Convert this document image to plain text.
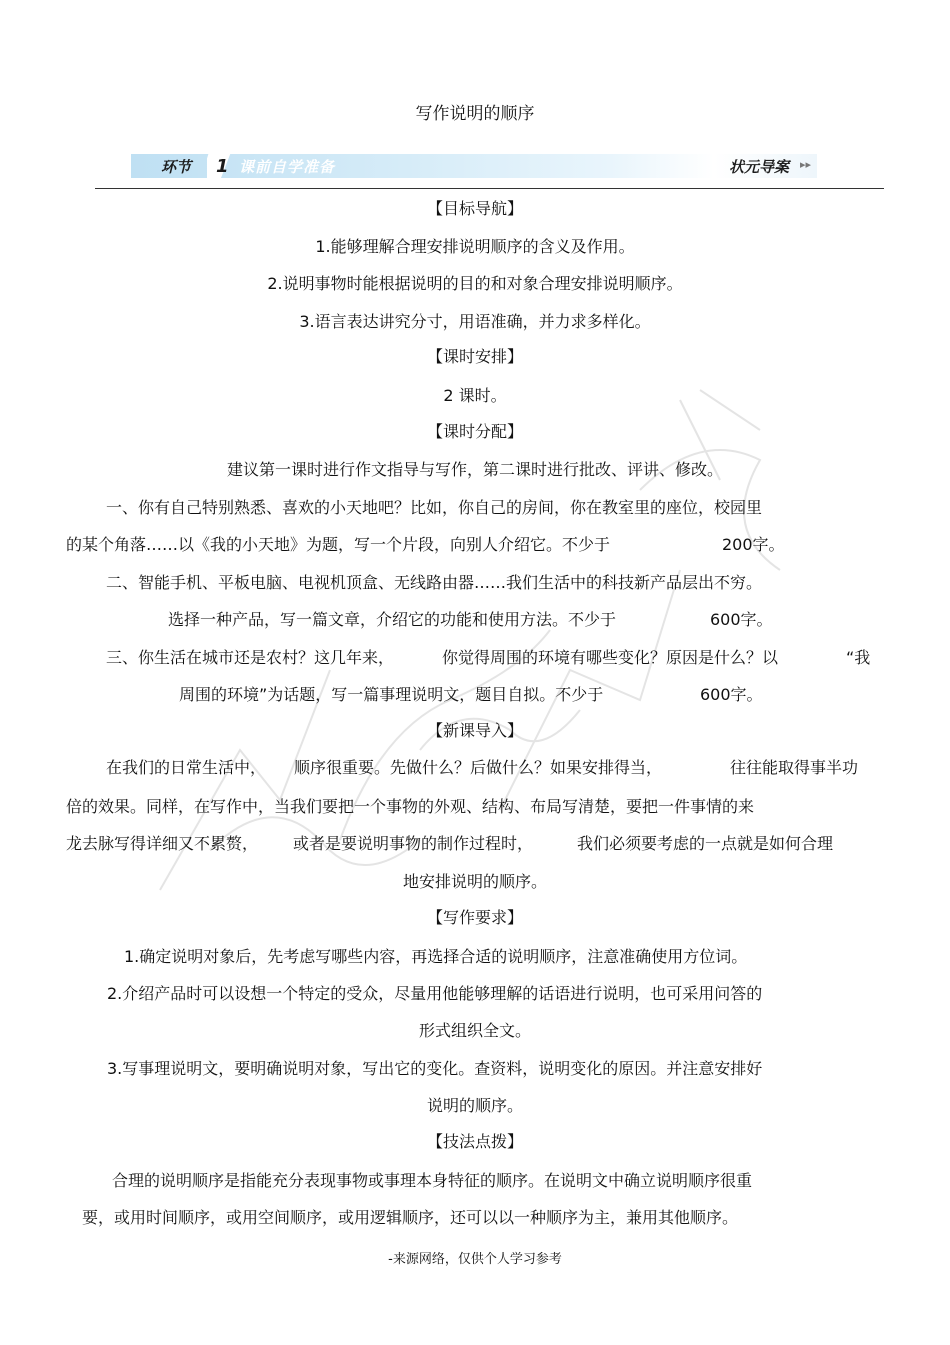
写作说明的顺序
环节 1 课前自学准备	状元导案 ▸▸
【目标导航】
1.能够理解合理安排说明顺序的含义及作用。
2.说明事物时能根据说明的目的和对象合理安排说明顺序。
3.语言表达讲究分寸，用语准确，并力求多样化。
【课时安排】
2 课时。
【课时分配】
建议第一课时进行作文指导与写作，第二课时进行批改、评讲、修改。
一、你有自己特别熟悉、喜欢的小天地吧？比如，你自己的房间，你在教室里的座位，校园里
的某个角落……以《我的小天地》为题，写一个片段，向别人介绍它。不少于	200字。
二、智能手机、平板电脑、电视机顶盒、无线路由器……我们生活中的科技新产品层出不穷。
选择一种产品，写一篇文章，介绍它的功能和使用方法。不少于	600字。
三、你生活在城市还是农村？这几年来，	你觉得周围的环境有哪些变化？原因是什么？以	“我
周围的环境”为话题，写一篇事理说明文，题目自拟。不少于	600字。
【新课导入】
在我们的日常生活中， 顺序很重要。先做什么？后做什么？如果安排得当，	往往能取得事半功
倍的效果。同样，在写作中，当我们要把一个事物的外观、结构、布局写清楚，要把一件事情的来
龙去脉写得详细又不累赘， 或者是要说明事物的制作过程时，	我们必须要考虑的一点就是如何合理
地安排说明的顺序。
【写作要求】
1.确定说明对象后，先考虑写哪些内容，再选择合适的说明顺序，注意准确使用方位词。
2.介绍产品时可以设想一个特定的受众，尽量用他能够理解的话语进行说明，也可采用问答的
形式组织全文。
3.写事理说明文，要明确说明对象，写出它的变化。查资料，说明变化的原因。并注意安排好
说明的顺序。
【技法点拨】
合理的说明顺序是指能充分表现事物或事理本身特征的顺序。在说明文中确立说明顺序很重
要，或用时间顺序，或用空间顺序，或用逻辑顺序，还可以以一种顺序为主，兼用其他顺序。
-来源网络，仅供个人学习参考
